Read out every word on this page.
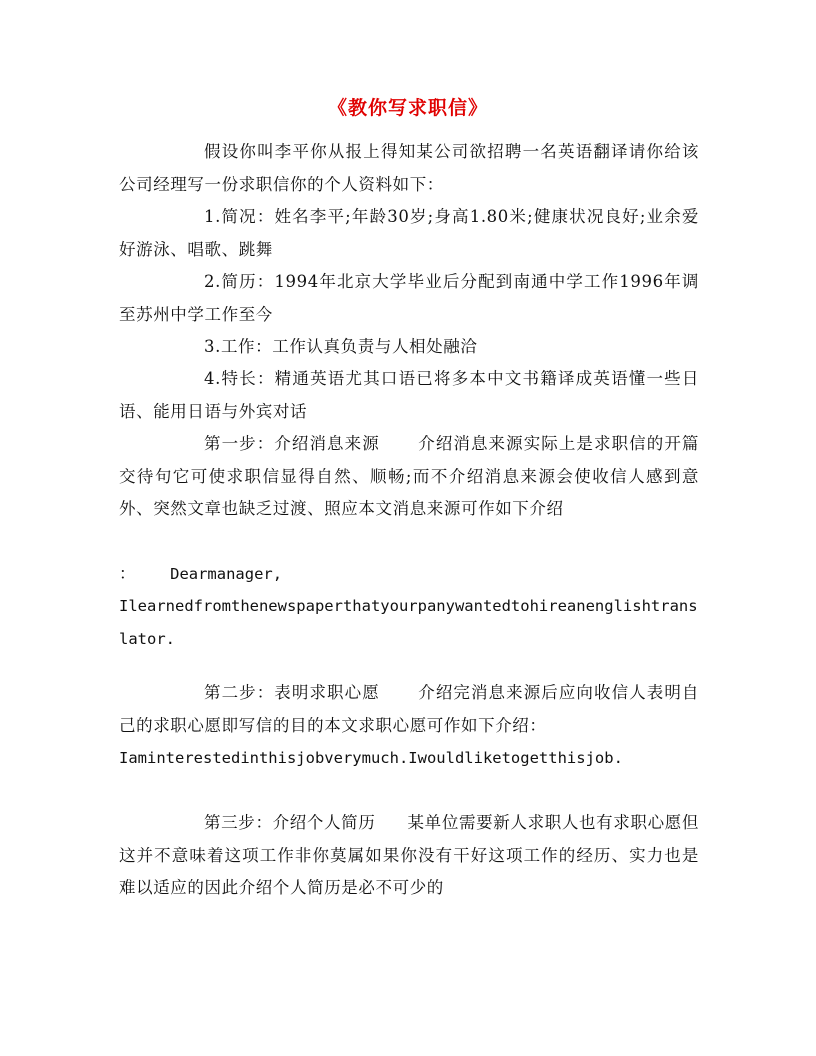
《教你写求职信》
假设你叫李平你从报上得知某公司欲招聘一名英语翻译请你给该公司经理写一份求职信你的个人资料如下：
1.简况：姓名李平;年龄30岁;身高1.80米;健康状况良好;业余爱好游泳、唱歌、跳舞
2.简历：1994年北京大学毕业后分配到南通中学工作1996年调至苏州中学工作至今
3.工作：工作认真负责与人相处融洽
4.特长：精通英语尤其口语已将多本中文书籍译成英语懂一些日语、能用日语与外宾对话
第一步：介绍消息来源 介绍消息来源实际上是求职信的开篇交待句它可使求职信显得自然、顺畅;而不介绍消息来源会使收信人感到意外、突然文章也缺乏过渡、照应本文消息来源可作如下介绍
： Dearmanager,
Ilearnedfromthenewspaperthatyourpanywantedtohireanenglishtranslator.
第二步：表明求职心愿 介绍完消息来源后应向收信人表明自己的求职心愿即写信的目的本文求职心愿可作如下介绍：
Iaminterestedinthisjobverymuch.Iwouldliketogetthisjob.
第三步：介绍个人简历 某单位需要新人求职人也有求职心愿但这并不意味着这项工作非你莫属如果你没有干好这项工作的经历、实力也是难以适应的因此介绍个人简历是必不可少的
